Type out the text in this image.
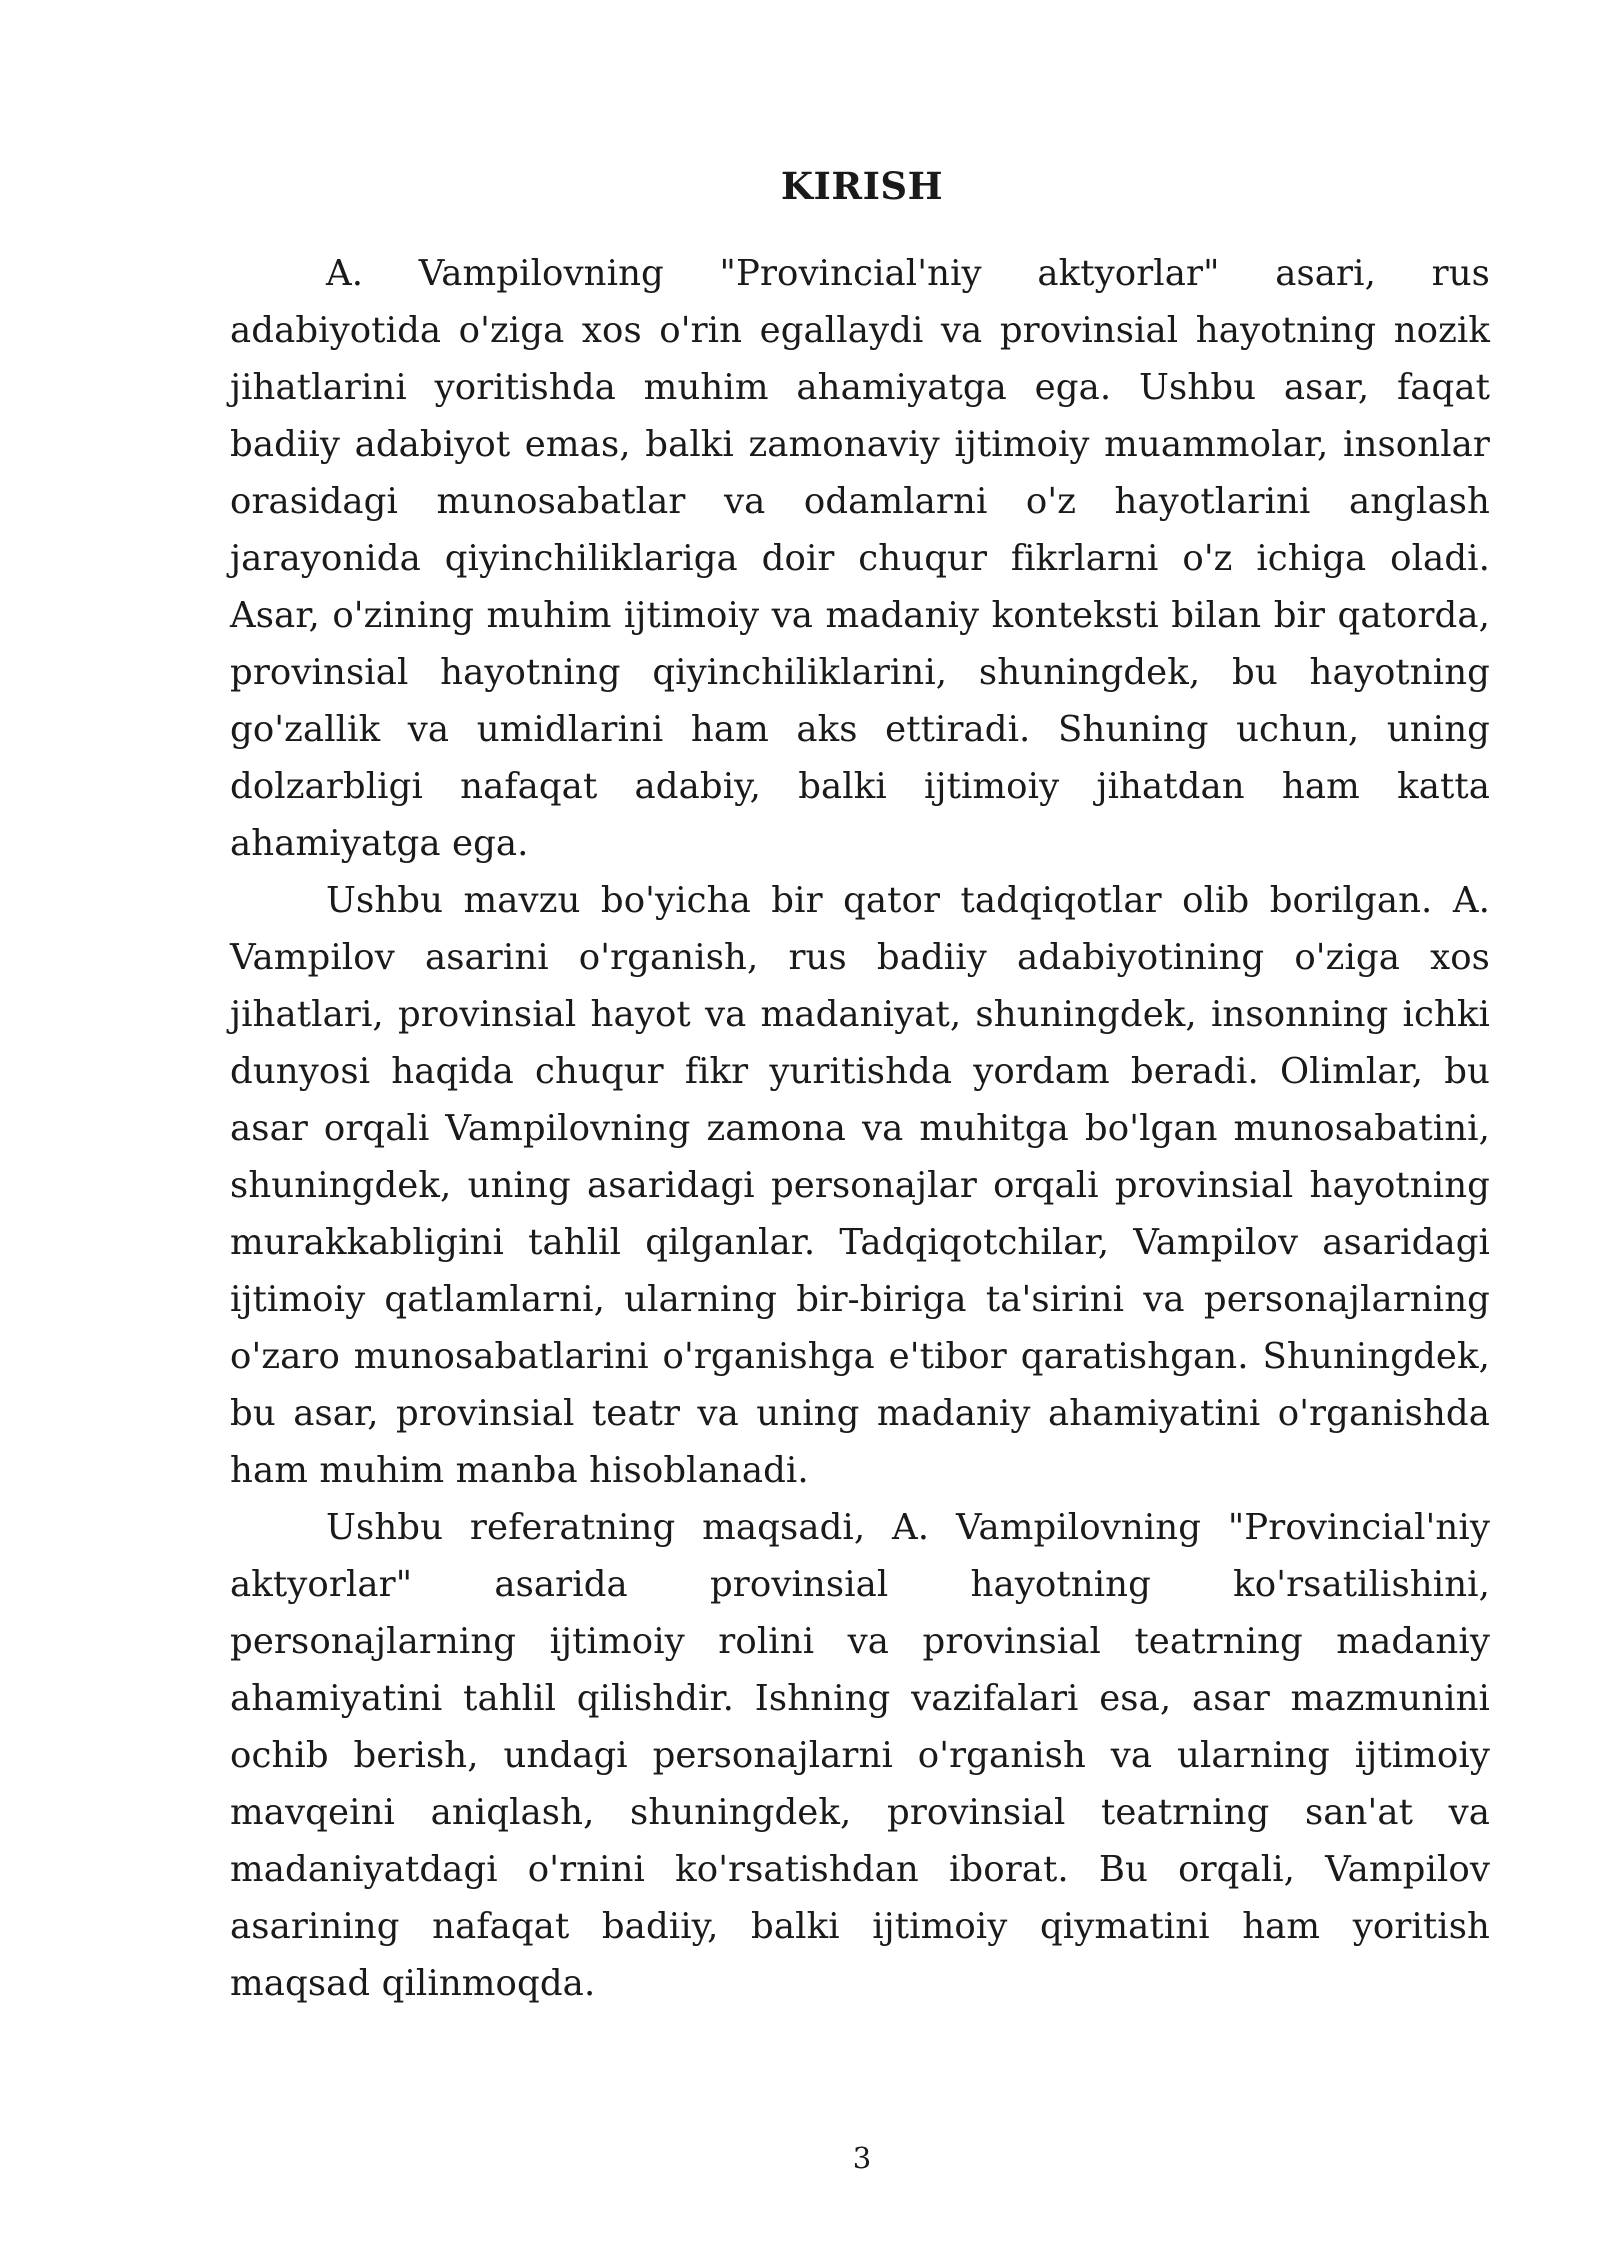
KIRISH

A. Vampilovning "Provincial'niy aktyorlar" asari, rus adabiyotida o'ziga xos o'rin egallaydi va provinsial hayotning nozik jihatlarini yoritishda muhim ahamiyatga ega. Ushbu asar, faqat badiiy adabiyot emas, balki zamonaviy ijtimoiy muammolar, insonlar orasidagi munosabatlar va odamlarni o'z hayotlarini anglash jarayonida qiyinchiliklariga doir chuqur fikrlarni o'z ichiga oladi. Asar, o'zining muhim ijtimoiy va madaniy konteksti bilan bir qatorda, provinsial hayotning qiyinchiliklarini, shuningdek, bu hayotning go'zallik va umidlarini ham aks ettiradi. Shuning uchun, uning dolzarbligi nafaqat adabiy, balki ijtimoiy jihatdan ham katta ahamiyatga ega.

Ushbu mavzu bo'yicha bir qator tadqiqotlar olib borilgan. A. Vampilov asarini o'rganish, rus badiiy adabiyotining o'ziga xos jihatlari, provinsial hayot va madaniyat, shuningdek, insonning ichki dunyosi haqida chuqur fikr yuritishda yordam beradi. Olimlar, bu asar orqali Vampilovning zamona va muhitga bo'lgan munosabatini, shuningdek, uning asaridagi personajlar orqali provinsial hayotning murakkabligini tahlil qilganlar. Tadqiqotchilar, Vampilov asaridagi ijtimoiy qatlamlarni, ularning bir-biriga ta'sirini va personajlarning o'zaro munosabatlarini o'rganishga e'tibor qaratishgan. Shuningdek, bu asar, provinsial teatr va uning madaniy ahamiyatini o'rganishda ham muhim manba hisoblanadi.

Ushbu referatning maqsadi, A. Vampilovning "Provincial'niy aktyorlar" asarida provinsial hayotning ko'rsatilishini, personajlarning ijtimoiy rolini va provinsial teatrning madaniy ahamiyatini tahlil qilishdir. Ishning vazifalari esa, asar mazmunini ochib berish, undagi personajlarni o'rganish va ularning ijtimoiy mavqeini aniqlash, shuningdek, provinsial teatrning san'at va madaniyatdagi o'rnini ko'rsatishdan iborat. Bu orqali, Vampilov asarining nafaqat badiiy, balki ijtimoiy qiymatini ham yoritish maqsad qilinmoqda.

3
